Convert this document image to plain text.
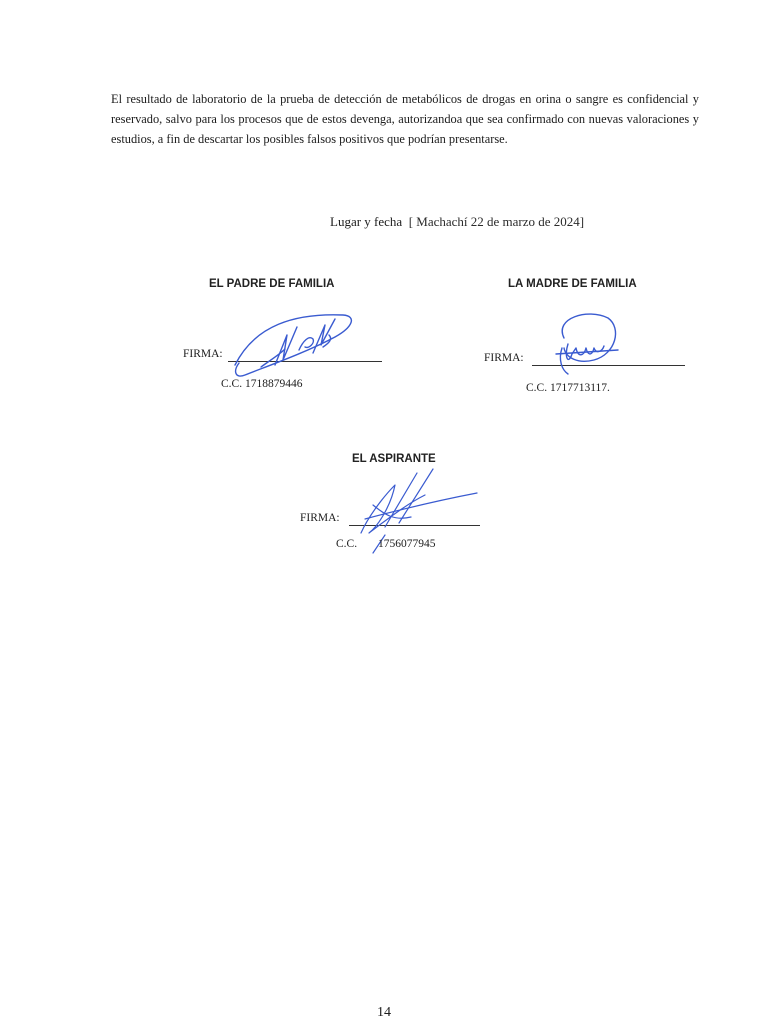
El resultado de laboratorio de la prueba de detección de metabólicos de drogas en orina o sangre es confidencial y reservado, salvo para los procesos que de estos devenga, autorizandoa que sea confirmado con nuevas valoraciones y estudios, a fin de descartar los posibles falsos positivos que podrían presentarse.

Lugar y fecha [ Machachí 22 de marzo de 2024]
EL PADRE DE FAMILIA
FIRMA:
C.C. 1718879446
LA MADRE DE FAMILIA
FIRMA:
C.C. 1717713117.
EL ASPIRANTE
FIRMA:
C.C. 1756077945
14
